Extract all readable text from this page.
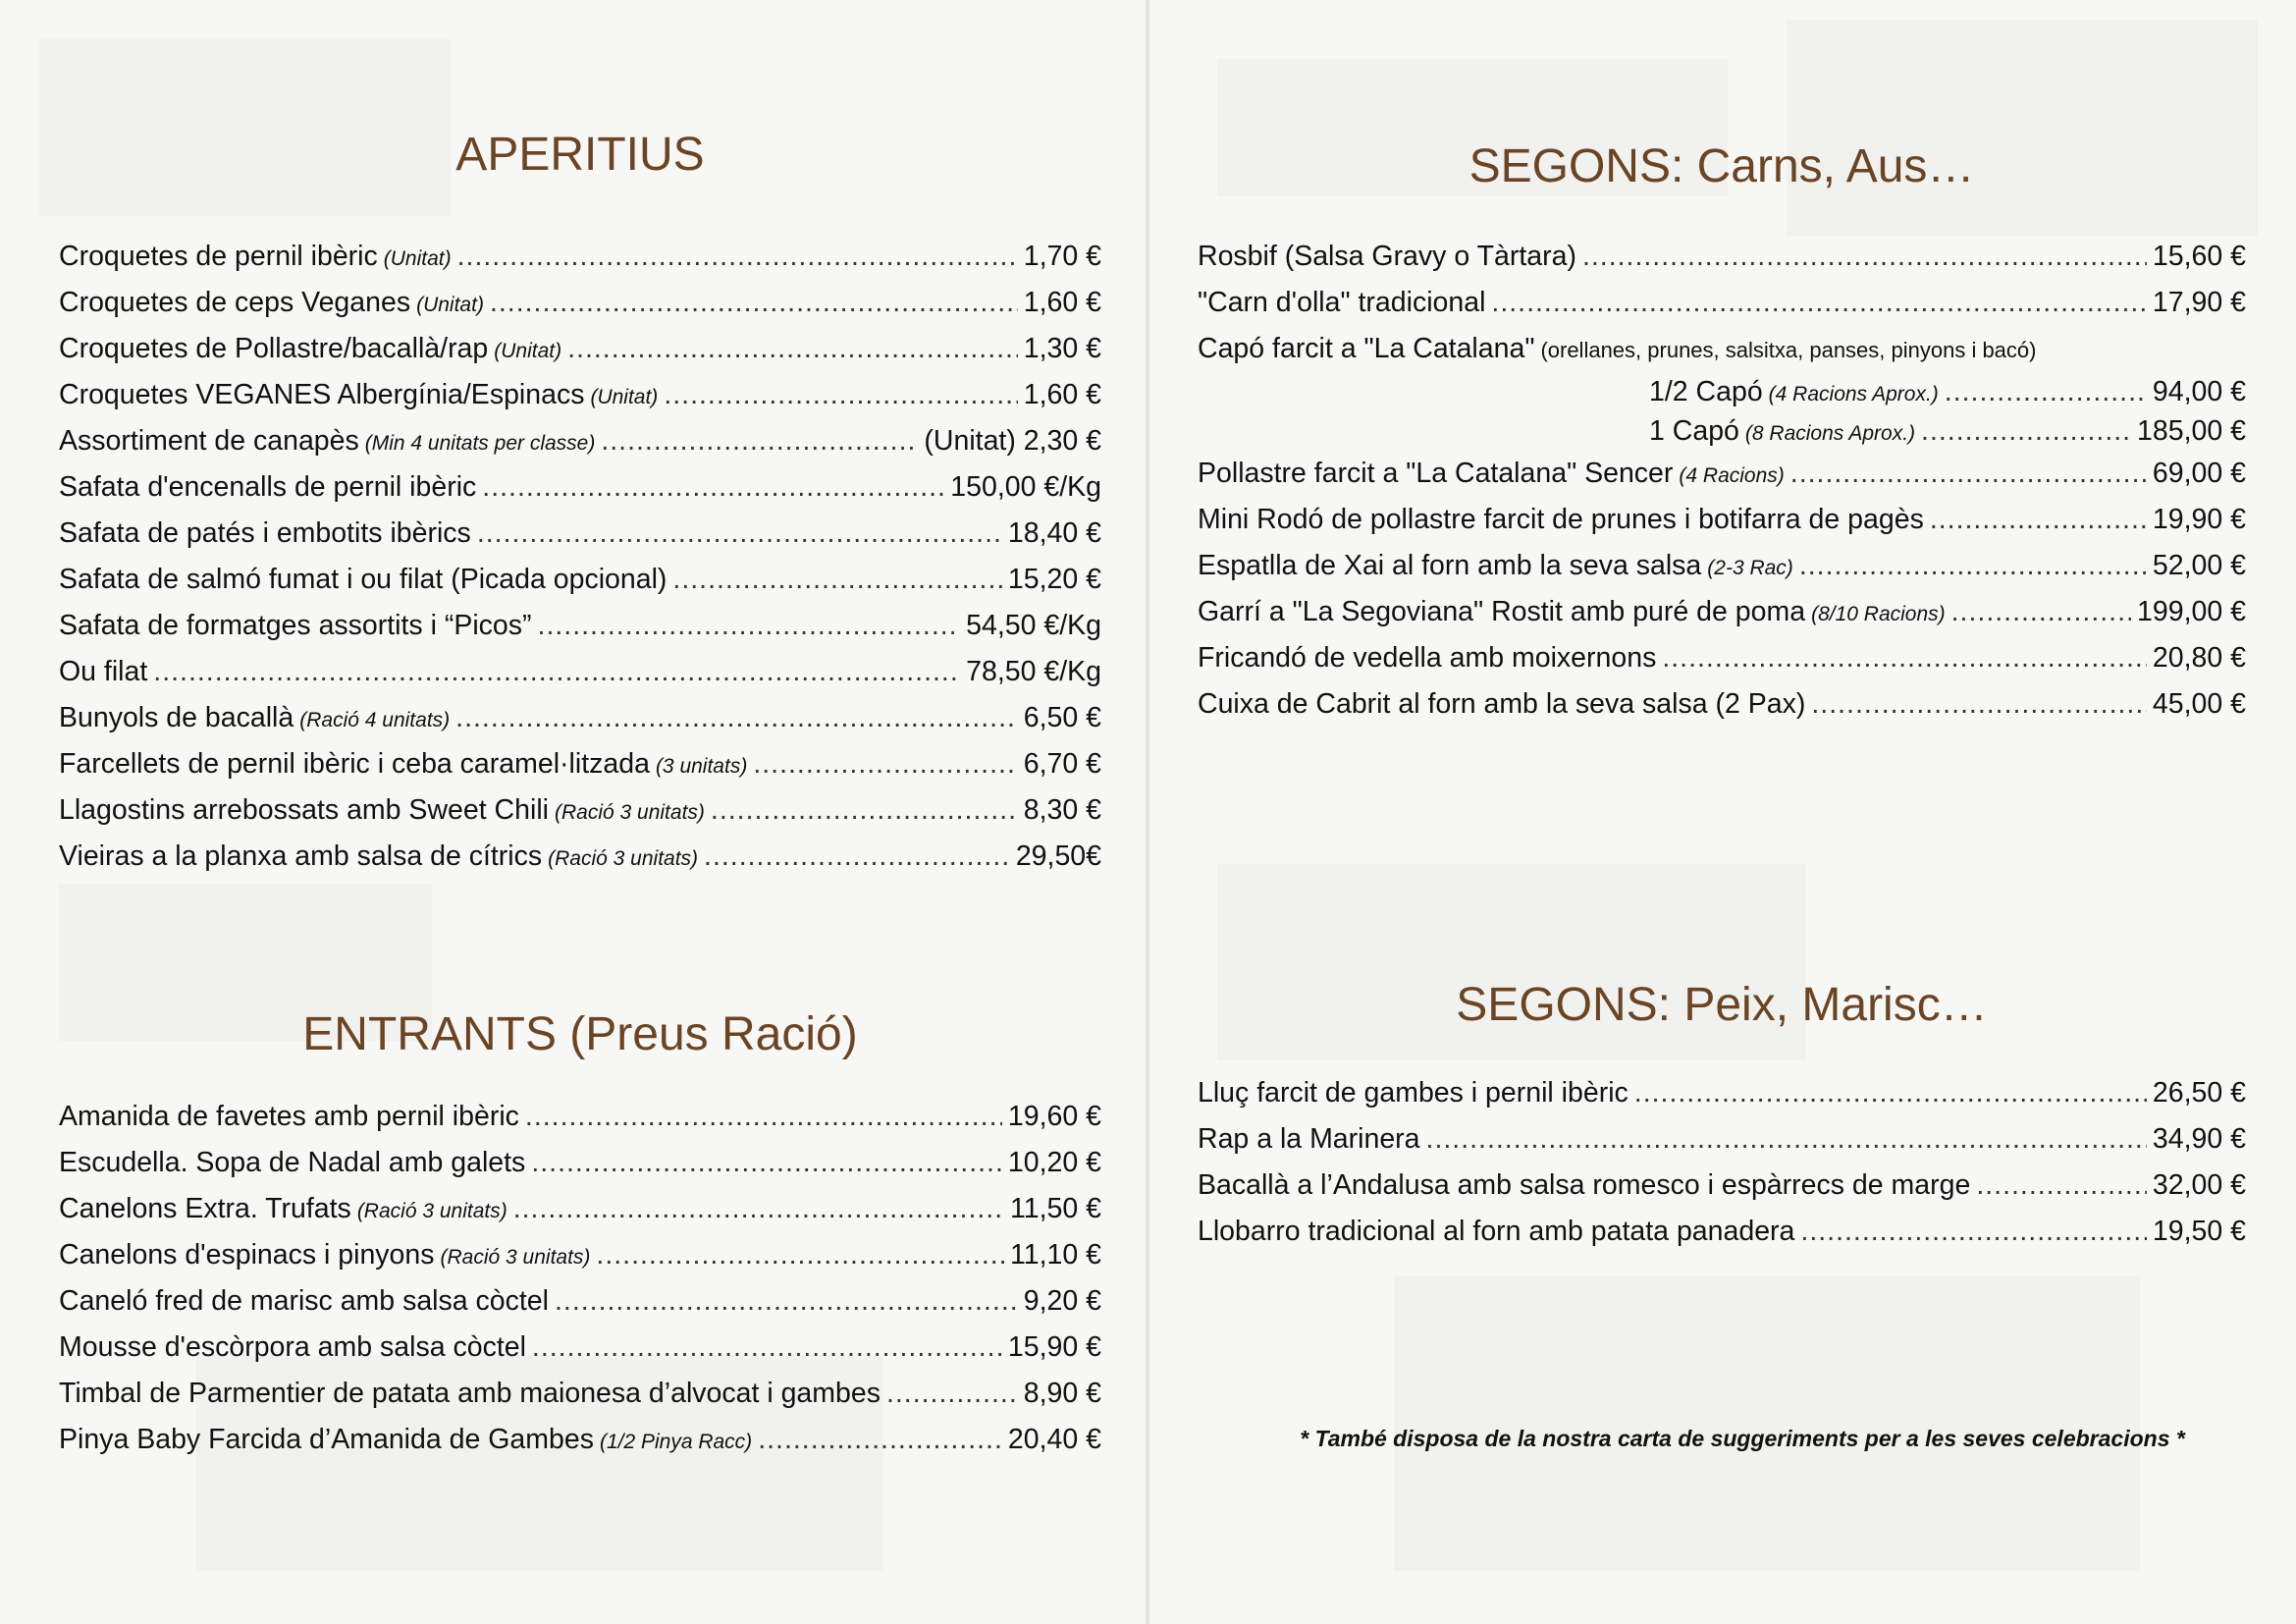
APERITIUS
Croquetes de pernil ibèric (Unitat) .....	1,70 €
Croquetes de ceps Veganes (Unitat) .....	1,60 €
Croquetes de Pollastre/bacallà/rap (Unitat) .....	1,30 €
Croquetes VEGANES Albergínia/Espinacs (Unitat) .....	1,60 €
Assortiment de canapès (Min 4 unitats per classe) .....	(Unitat) 2,30 €
Safata d'encenalls de pernil ibèric .....	150,00 €/Kg
Safata de patés i embotits ibèrics .....	18,40 €
Safata de salmó fumat i ou filat (Picada opcional) .....	15,20 €
Safata de formatges assortits i “Picos” .....	54,50 €/Kg
Ou filat .....	78,50 €/Kg
Bunyols de bacallà (Ració 4 unitats) .....	6,50 €
Farcellets de pernil ibèric i ceba caramel·litzada (3 unitats) .....	6,70 €
Llagostins arrebossats amb Sweet Chili (Ració 3 unitats) .....	8,30 €
Vieiras a la planxa amb salsa de cítrics (Ració 3 unitats) .....	29,50€
ENTRANTS (Preus Ració)
Amanida de favetes amb pernil ibèric .....	19,60 €
Escudella. Sopa de Nadal amb galets .....	10,20 €
Canelons Extra. Trufats (Ració 3 unitats) .....	11,50 €
Canelons d'espinacs i pinyons (Ració 3 unitats) .....	11,10 €
Caneló fred de marisc amb salsa còctel .....	9,20 €
Mousse d'escòrpora amb salsa còctel .....	15,90 €
Timbal de Parmentier de patata amb maionesa d’alvocat i gambes .....	8,90 €
Pinya Baby Farcida d’Amanida de Gambes (1/2 Pinya Racc) .....	20,40 €
SEGONS: Carns, Aus…
Rosbif (Salsa Gravy o Tàrtara) .....	15,60 €
"Carn d'olla" tradicional .....	17,90 €
Capó farcit a "La Catalana" (orellanes, prunes, salsitxa, panses, pinyons i bacó)
1/2 Capó (4 Racions Aprox.) .....	94,00 €
1 Capó (8 Racions Aprox.) .....	185,00 €
Pollastre farcit a "La Catalana" Sencer (4 Racions) .....	69,00 €
Mini Rodó de pollastre farcit de prunes i botifarra de pagès .....	19,90 €
Espatlla de Xai al forn amb la seva salsa (2-3 Rac) .....	52,00 €
Garrí a "La Segoviana" Rostit amb puré de poma (8/10 Racions) .....	199,00 €
Fricandó de vedella amb moixernons .....	20,80 €
Cuixa de Cabrit al forn amb la seva salsa (2 Pax) .....	45,00 €
SEGONS: Peix, Marisc…
Lluç farcit de gambes i pernil ibèric .....	26,50 €
Rap a la Marinera .....	34,90 €
Bacallà a l’Andalusa amb salsa romesco i espàrrecs de marge .....	32,00 €
Llobarro tradicional al forn amb patata panadera .....	19,50 €
* També disposa de la nostra carta de suggeriments per a les seves celebracions *
